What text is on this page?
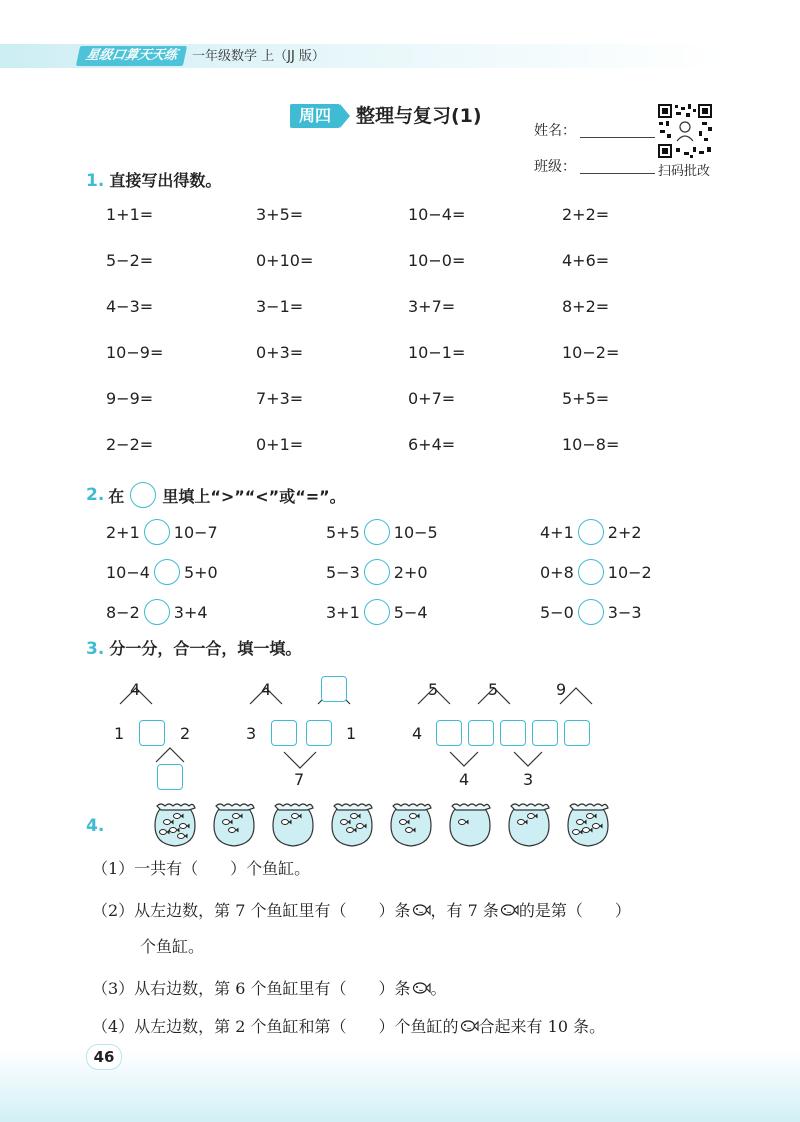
星级口算天天练	一年级数学 上（JJ 版）
周四	整理与复习(1)
姓名：
班级：	扫码批改
1. 直接写出得数。
1+1=	3+5=	10−4=	2+2=
5−2=	0+10=	10−0=	4+6=
4−3=	3−1=	3+7=	8+2=
10−9=	0+3=	10−1=	10−2=
9−9=	7+3=	0+7=	5+5=
2−2=	0+1=	6+4=	10−8=
2. 在 里填上“>”“<”或“=”。
2+1 10−7	5+5 10−5	4+1 2+2
10−4 5+0	5−3 2+0	0+8 10−2
8−2 3+4	3+1 5−4	5−0 3−3
3. 分一分，合一合，填一填。
4
1	2
4
3	1
7
5	5	9
4
4	3
4.
（1）一共有（　　）个鱼缸。
（2）从左边数，第 7 个鱼缸里有（　　）条 ，有 7 条 的是第（　　）
个鱼缸。
（3）从右边数，第 6 个鱼缸里有（　　）条 。
（4）从左边数，第 2 个鱼缸和第（　　）个鱼缸的 合起来有 10 条。
46
